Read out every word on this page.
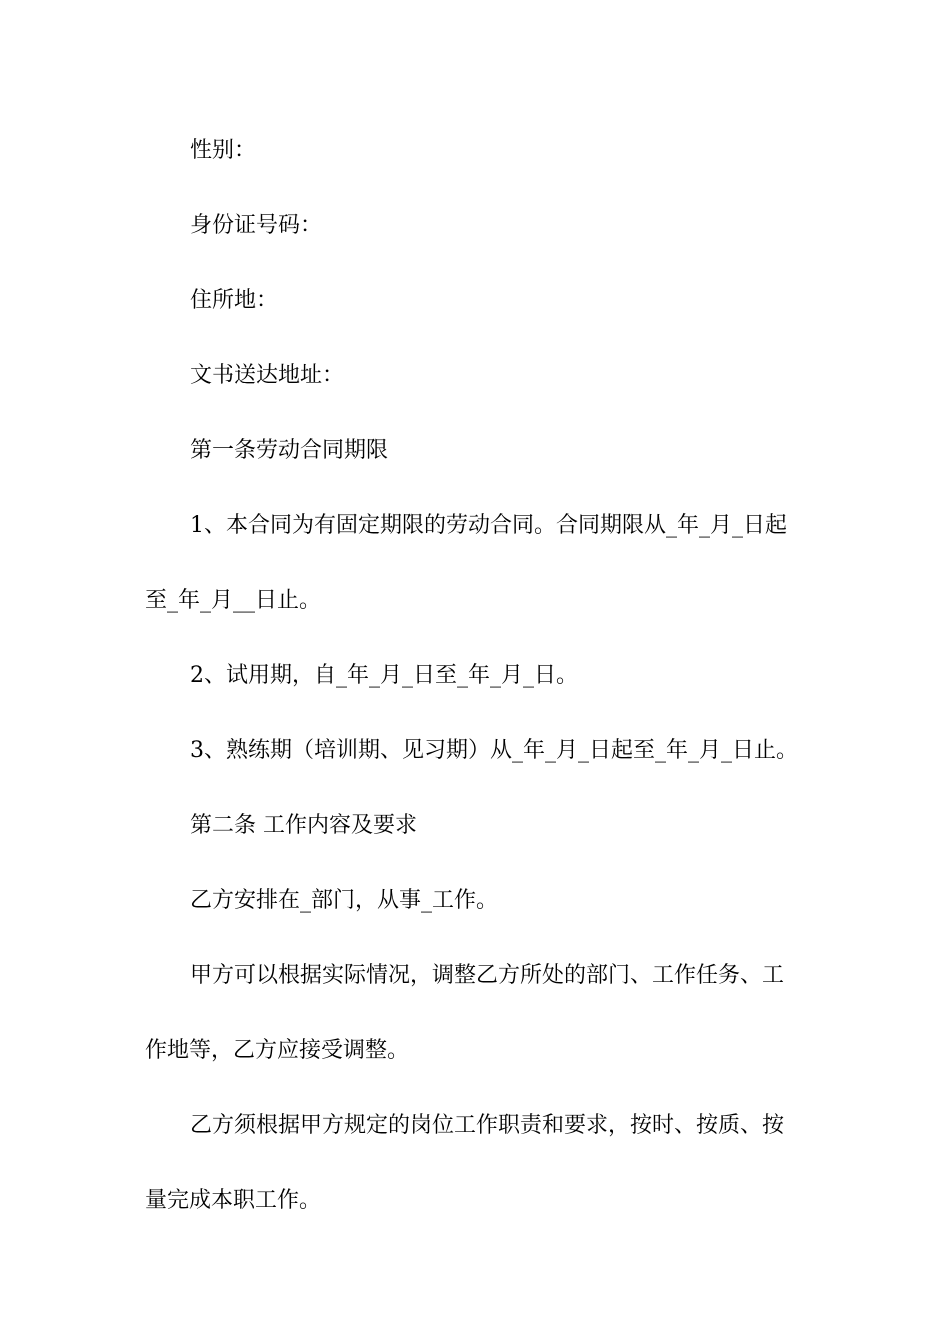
性别：
身份证号码：
住所地：
文书送达地址：
第一条劳动合同期限
1、本合同为有固定期限的劳动合同。合同期限从_年_月_日起
至_年_月__日止。
2、试用期，自_年_月_日至_年_月_日。
3、熟练期（培训期、见习期）从_年_月_日起至_年_月_日止。
第二条 工作内容及要求
乙方安排在_部门，从事_工作。
甲方可以根据实际情况，调整乙方所处的部门、工作任务、工
作地等，乙方应接受调整。
乙方须根据甲方规定的岗位工作职责和要求，按时、按质、按
量完成本职工作。
